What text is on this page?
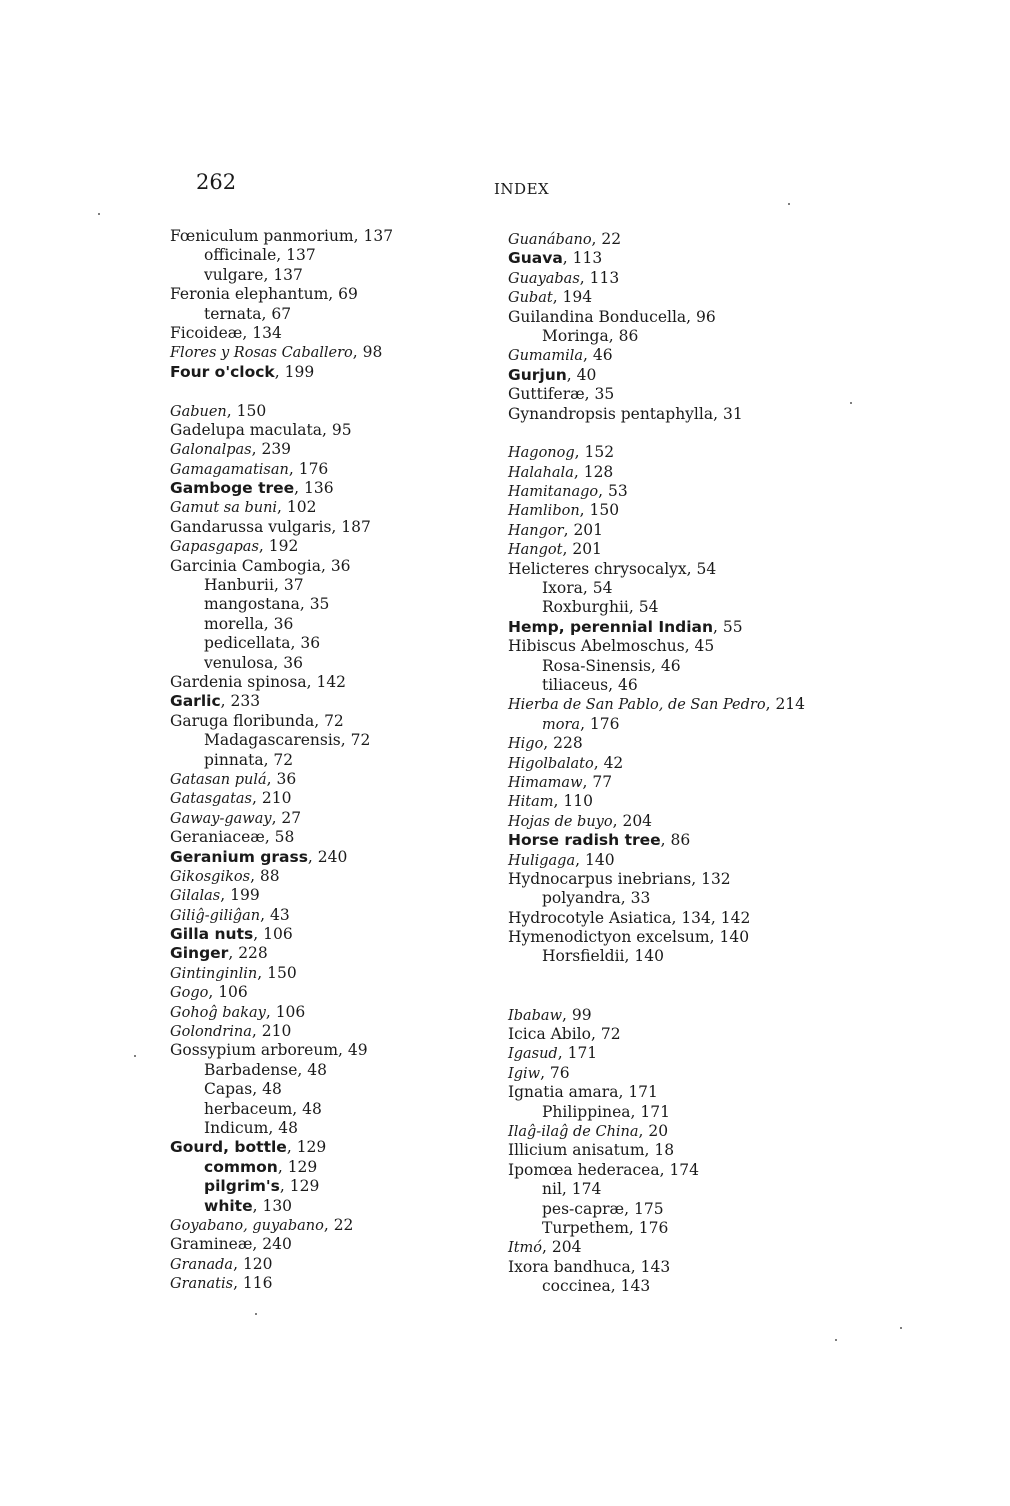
262	INDEX
Fœniculum panmorium, 137
officinale, 137
vulgare, 137
Feronia elephantum, 69
ternata, 67
Ficoideæ, 134
Flores y Rosas Caballero, 98
Four o'clock, 199
Gabuen, 150
Gadelupa maculata, 95
Galonalpas, 239
Gamagamatisan, 176
Gamboge tree, 136
Gamut sa buni, 102
Gandarussa vulgaris, 187
Gapasgapas, 192
Garcinia Cambogia, 36
Hanburii, 37
mangostana, 35
morella, 36
pedicellata, 36
venulosa, 36
Gardenia spinosa, 142
Garlic, 233
Garuga floribunda, 72
Madagascarensis, 72
pinnata, 72
Gatasan pulá, 36
Gatasgatas, 210
Gaway-gaway, 27
Geraniaceæ, 58
Geranium grass, 240
Gikosgikos, 88
Gilalas, 199
Giliĝ-giliĝan, 43
Gilla nuts, 106
Ginger, 228
Gintinginlin, 150
Gogo, 106
Gohoĝ bakay, 106
Golondrina, 210
Gossypium arboreum, 49
Barbadense, 48
Capas, 48
herbaceum, 48
Indicum, 48
Gourd, bottle, 129
common, 129
pilgrim's, 129
white, 130
Goyabano, guyabano, 22
Gramineæ, 240
Granada, 120
Granatis, 116
Guanábano, 22
Guava, 113
Guayabas, 113
Gubat, 194
Guilandina Bonducella, 96
Moringa, 86
Gumamila, 46
Gurjun, 40
Guttiferæ, 35
Gynandropsis pentaphylla, 31
Hagonog, 152
Halahala, 128
Hamitanago, 53
Hamlibon, 150
Hangor, 201
Hangot, 201
Helicteres chrysocalyx, 54
Ixora, 54
Roxburghii, 54
Hemp, perennial Indian, 55
Hibiscus Abelmoschus, 45
Rosa-Sinensis, 46
tiliaceus, 46
Hierba de San Pablo, de San Pedro, 214
mora, 176
Higo, 228
Higolbalato, 42
Himamaw, 77
Hitam, 110
Hojas de buyo, 204
Horse radish tree, 86
Huligaga, 140
Hydnocarpus inebrians, 132
polyandra, 33
Hydrocotyle Asiatica, 134, 142
Hymenodictyon excelsum, 140
Horsfieldii, 140
Ibabaw, 99
Icica Abilo, 72
Igasud, 171
Igiw, 76
Ignatia amara, 171
Philippinea, 171
Ilaĝ-ilaĝ de China, 20
Illicium anisatum, 18
Ipomœa hederacea, 174
nil, 174
pes-capræ, 175
Turpethem, 176
Itmó, 204
Ixora bandhuca, 143
coccinea, 143
